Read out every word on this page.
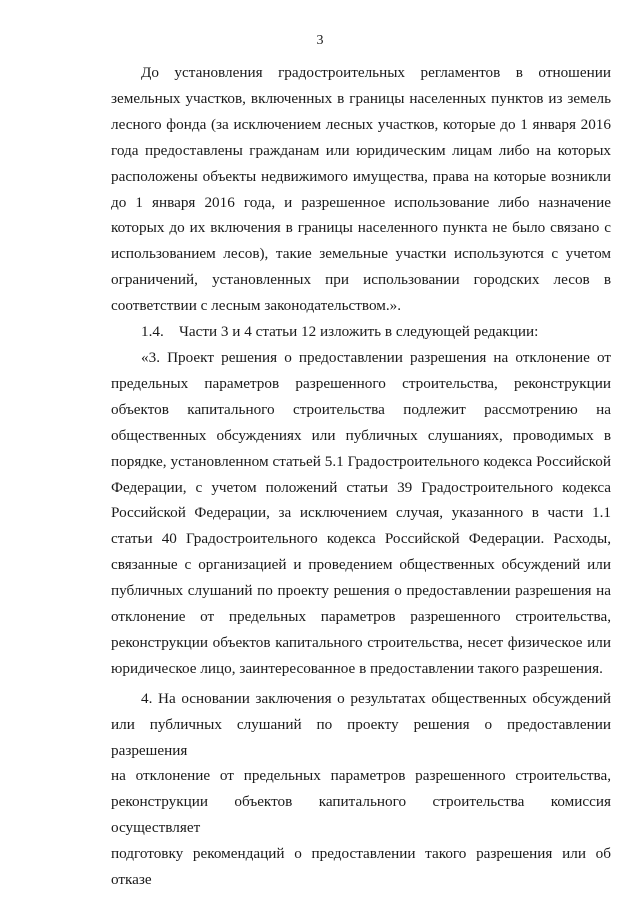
3

До установления градостроительных регламентов в отношении
земельных участков, включенных в границы населенных пунктов из земель
лесного фонда (за исключением лесных участков, которые до 1 января 2016
года предоставлены гражданам или юридическим лицам либо на которых
расположены объекты недвижимого имущества, права на которые возникли
до 1 января 2016 года, и разрешенное использование либо назначение
которых до их включения в границы населенного пункта не было связано с
использованием лесов), такие земельные участки используются с учетом
ограничений, установленных при использовании городских лесов в
соответствии с лесным законодательством.».

1.4.    Части 3 и 4 статьи 12 изложить в следующей редакции:

«3. Проект решения о предоставлении разрешения на отклонение от
предельных параметров разрешенного строительства, реконструкции
объектов капитального строительства подлежит рассмотрению на
общественных обсуждениях или публичных слушаниях, проводимых в
порядке, установленном статьей 5.1 Градостроительного кодекса Российской
Федерации, с учетом положений статьи 39 Градостроительного кодекса
Российской Федерации, за исключением случая, указанного в части 1.1
статьи 40 Градостроительного кодекса Российской Федерации. Расходы,
связанные с организацией и проведением общественных обсуждений или
публичных слушаний по проекту решения о предоставлении разрешения на
отклонение от предельных параметров разрешенного строительства,
реконструкции объектов капитального строительства, несет физическое или
юридическое лицо, заинтересованное в предоставлении такого разрешения.

4. На основании заключения о результатах общественных обсуждений
или публичных слушаний по проекту решения о предоставлении разрешения
на отклонение от предельных параметров разрешенного строительства,
реконструкции объектов капитального строительства комиссия осуществляет
подготовку рекомендаций о предоставлении такого разрешения или об отказе
